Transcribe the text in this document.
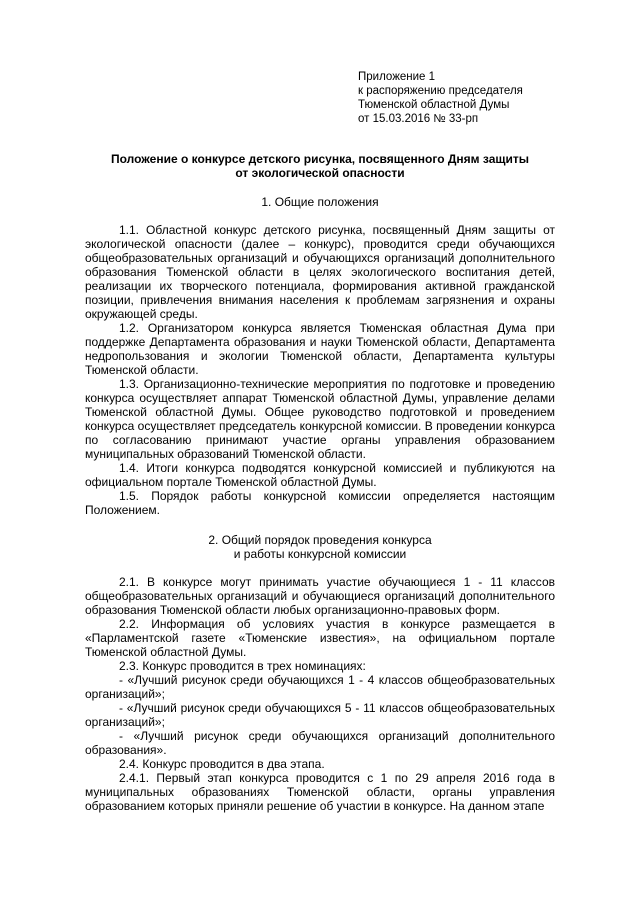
Приложение 1
к распоряжению председателя
Тюменской областной Думы
от 15.03.2016 № 33-рп
Положение о конкурсе детского рисунка, посвященного Дням защиты
от экологической опасности
1. Общие положения

1.1. Областной конкурс детского рисунка, посвященный Дням защиты от экологической опасности (далее – конкурс), проводится среди обучающихся общеобразовательных организаций и обучающихся организаций дополнительного образования Тюменской области в целях экологического воспитания детей, реализации их творческого потенциала, формирования активной гражданской позиции, привлечения внимания населения к проблемам загрязнения и охраны окружающей среды.

1.2. Организатором конкурса является Тюменская областная Дума при поддержке Департамента образования и науки Тюменской области, Департамента недропользования и экологии Тюменской области, Департамента культуры Тюменской области.

1.3. Организационно-технические мероприятия по подготовке и проведению конкурса осуществляет аппарат Тюменской областной Думы, управление делами Тюменской областной Думы. Общее руководство подготовкой и проведением конкурса осуществляет председатель конкурсной комиссии. В проведении конкурса по согласованию принимают участие органы управления образованием муниципальных образований Тюменской области.

1.4. Итоги конкурса подводятся конкурсной комиссией и публикуются на официальном портале Тюменской областной Думы.

1.5. Порядок работы конкурсной комиссии определяется настоящим Положением.

2. Общий порядок проведения конкурса
и работы конкурсной комиссии

2.1. В конкурсе могут принимать участие обучающиеся 1 - 11 классов общеобразовательных организаций и обучающиеся организаций дополнительного образования Тюменской области любых организационно-правовых форм.

2.2. Информация об условиях участия в конкурсе размещается в «Парламентской газете «Тюменские известия», на официальном портале Тюменской областной Думы.

2.3. Конкурс проводится в трех номинациях:

- «Лучший рисунок среди обучающихся 1 - 4 классов общеобразовательных организаций»;

- «Лучший рисунок среди обучающихся 5 - 11 классов общеобразовательных организаций»;

- «Лучший рисунок среди обучающихся организаций дополнительного образования».

2.4. Конкурс проводится в два этапа.

2.4.1. Первый этап конкурса проводится с 1 по 29 апреля 2016 года в муниципальных образованиях Тюменской области, органы управления образованием которых приняли решение об участии в конкурсе. На данном этапе
